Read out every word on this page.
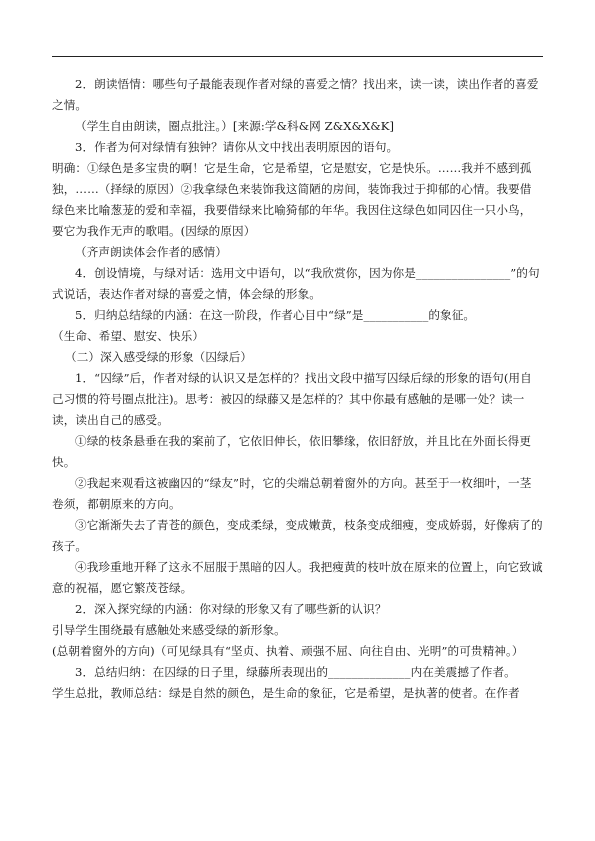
2．朗读悟情：哪些句子最能表现作者对绿的喜爱之情？找出来，读一读，读出作者的喜爱之情。

（学生自由朗读，圈点批注。）[来源:学&科&网 Z&X&X&K]

3．作者为何对绿情有独钟？请你从文中找出表明原因的语句。

明确：①绿色是多宝贵的啊！它是生命，它是希望，它是慰安，它是快乐。……我并不感到孤独，……（择绿的原因）②我拿绿色来装饰我这简陋的房间，装饰我过于抑郁的心情。我要借绿色来比喻葱茏的爱和幸福，我要借绿来比喻猗郁的年华。我因住这绿色如同囚住一只小鸟，要它为我作无声的歌唱。(因绿的原因）

（齐声朗读体会作者的感情）

4．创设情境，与绿对话：选用文中语句，以“我欣赏你，因为你是________________”的句式说话，表达作者对绿的喜爱之情，体会绿的形象。

5．归纳总结绿的内涵：在这一阶段，作者心目中“绿”是___________的象征。

（生命、希望、慰安、快乐）

（二）深入感受绿的形象（囚绿后）

1．“囚绿”后，作者对绿的认识又是怎样的？找出文段中描写囚绿后绿的形象的语句(用自己习惯的符号圈点批注)。思考：被囚的绿藤又是怎样的？其中你最有感触的是哪一处？读一读，读出自己的感受。

①绿的枝条悬垂在我的案前了，它依旧伸长，依旧攀缘，依旧舒放，并且比在外面长得更快。

②我起来观看这被幽囚的“绿友”时，它的尖端总朝着窗外的方向。甚至于一枚细叶，一茎卷须，都朝原来的方向。

③它渐渐失去了青苍的颜色，变成柔绿，变成嫩黄，枝条变成细瘦，变成娇弱，好像病了的孩子。

④我珍重地开释了这永不屈服于黑暗的囚人。我把瘦黄的枝叶放在原来的位置上，向它致诚意的祝福，愿它繁茂苍绿。

2．深入探究绿的内涵：你对绿的形象又有了哪些新的认识？

引导学生围绕最有感触处来感受绿的新形象。

(总朝着窗外的方向)（可见绿具有“坚贞、执着、顽强不屈、向往自由、光明”的可贵精神。）

3．总结归纳：在囚绿的日子里，绿藤所表现出的______________内在美震撼了作者。

学生总批，教师总结：绿是自然的颜色，是生命的象征，它是希望，是执著的使者。在作者
